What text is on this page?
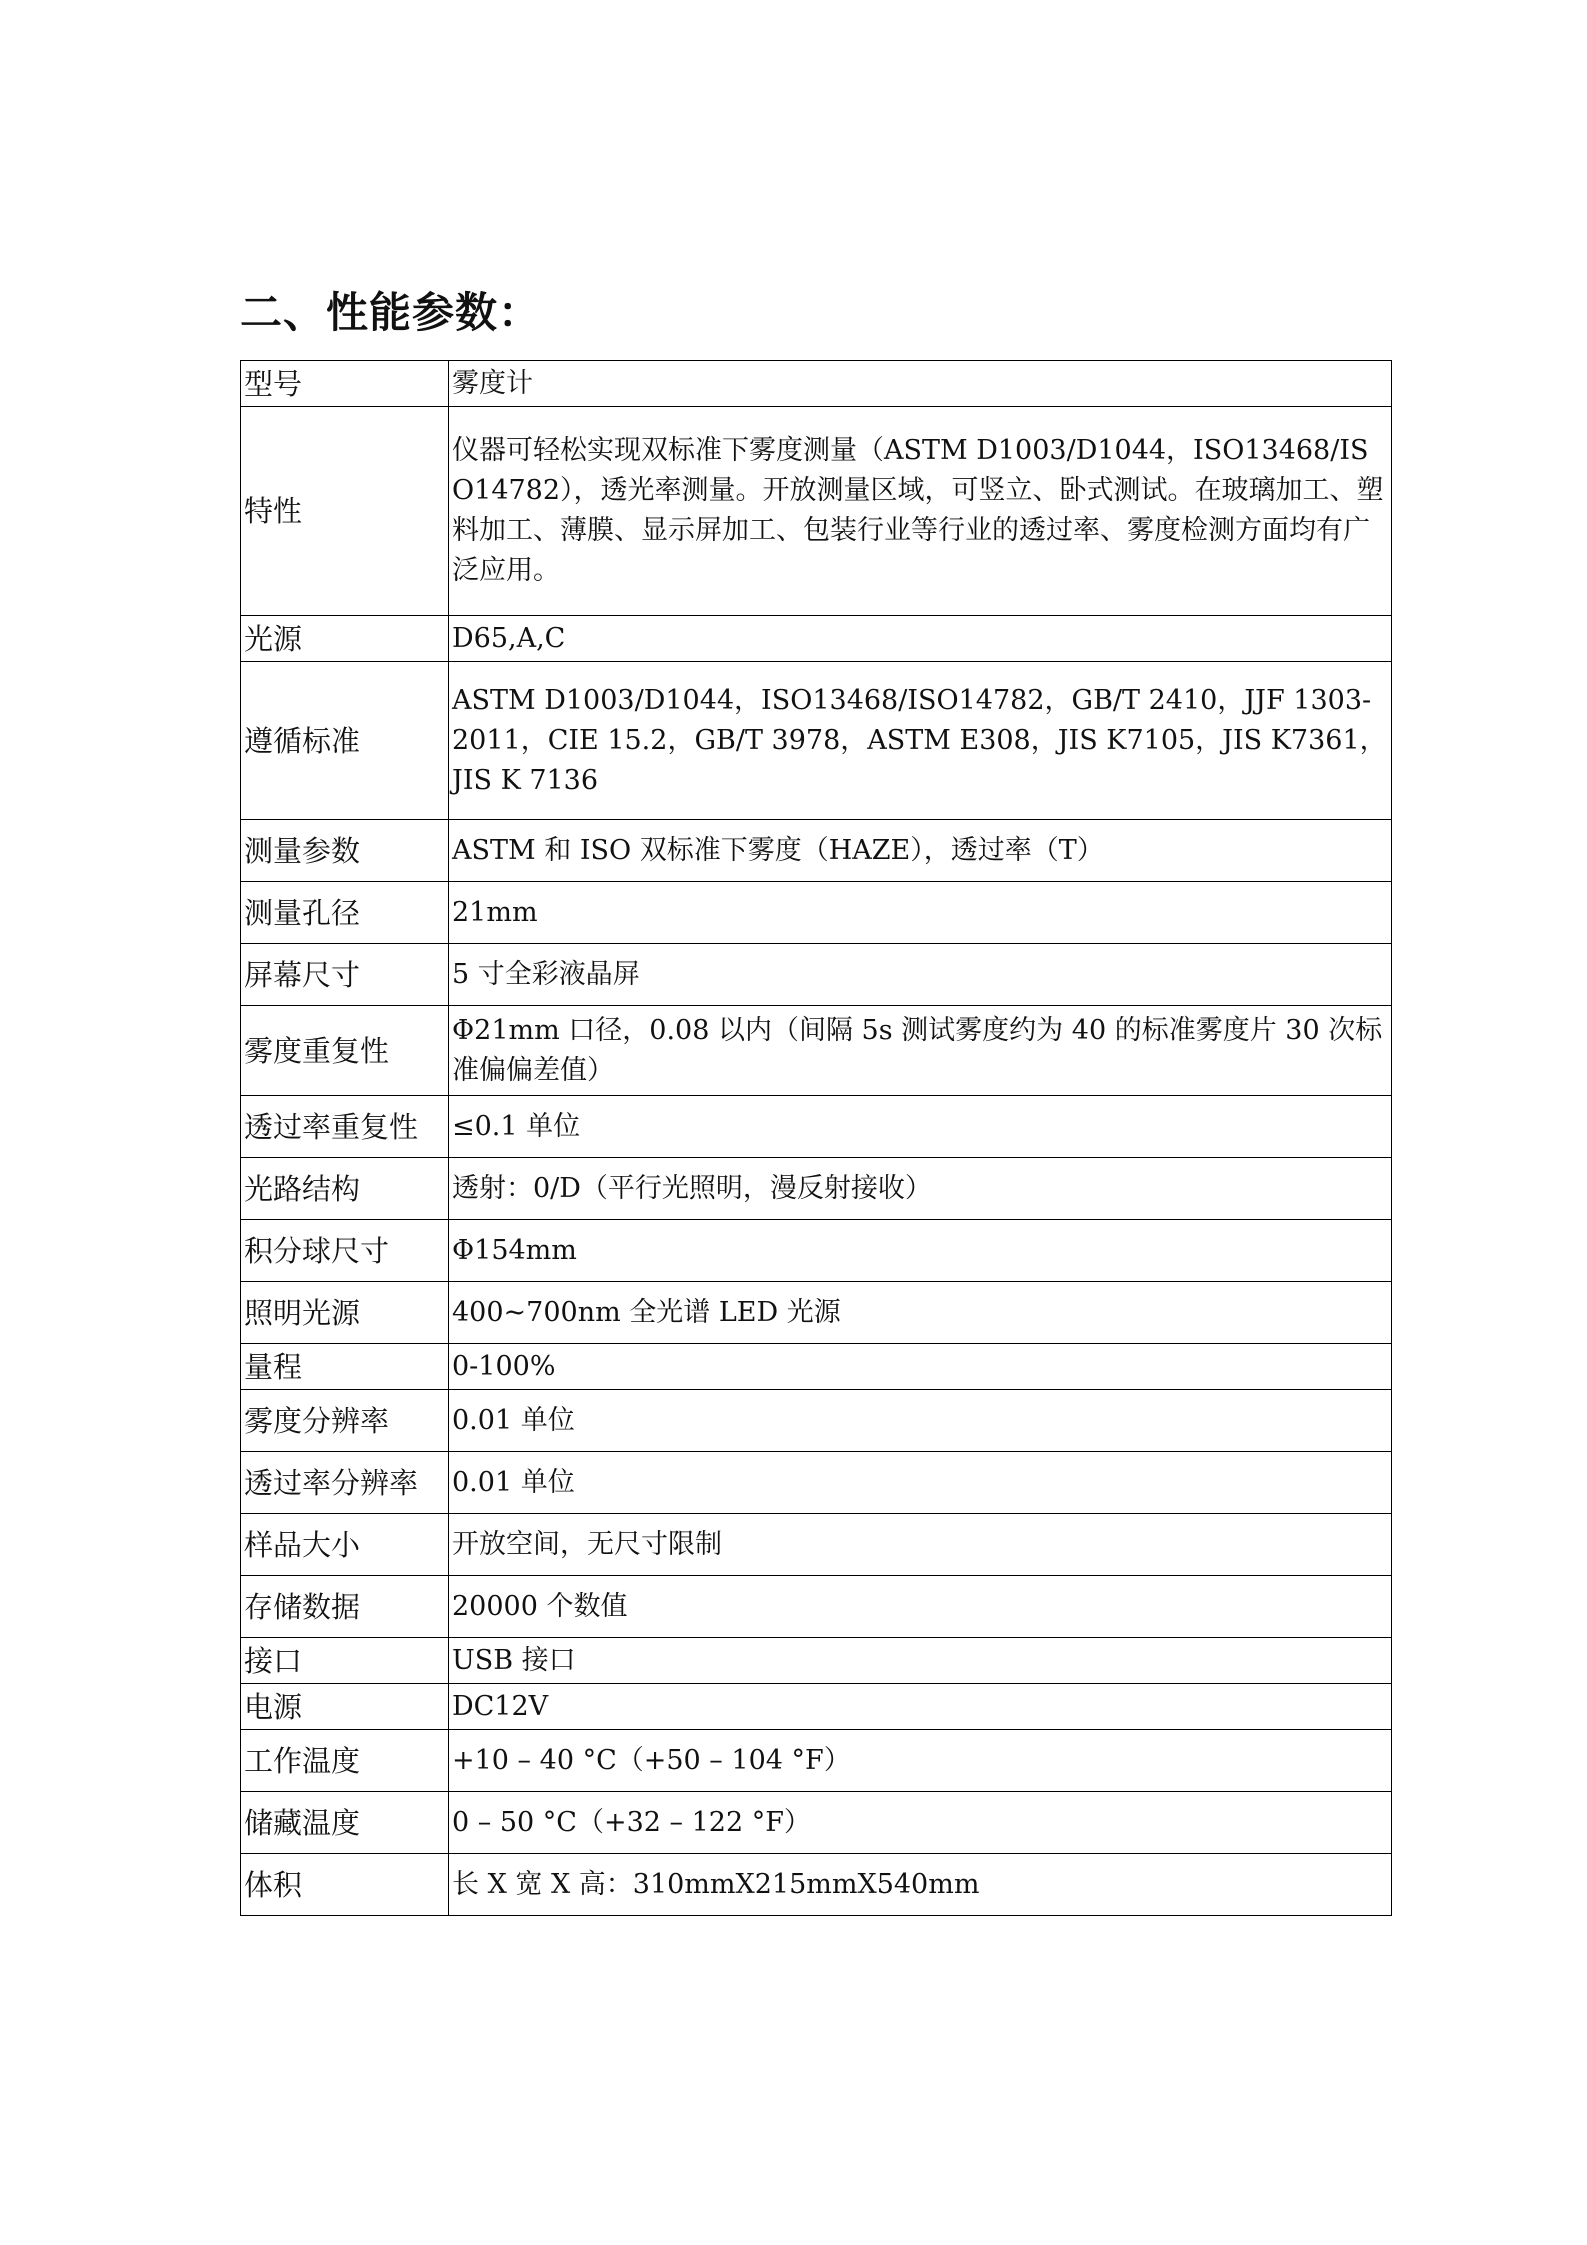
二、性能参数：
型号	雾度计
特性	仪器可轻松实现双标准下雾度测量（ASTM D1003/D1044，ISO13468/ISO14782），透光率测量。开放测量区域，可竖立、卧式测试。在玻璃加工、塑料加工、薄膜、显示屏加工、包装行业等行业的透过率、雾度检测方面均有广泛应用。
光源	D65,A,C
遵循标准	ASTM D1003/D1044，ISO13468/ISO14782，GB/T 2410，JJF 1303-2011，CIE 15.2，GB/T 3978，ASTM E308，JIS K7105，JIS K7361，JIS K 7136
测量参数	ASTM 和 ISO 双标准下雾度（HAZE），透过率（T）
测量孔径	21mm
屏幕尺寸	5 寸全彩液晶屏
雾度重复性	Φ21mm 口径，0.08 以内（间隔 5s 测试雾度约为 40 的标准雾度片 30 次标准偏偏差值）
透过率重复性	≤0.1 单位
光路结构	透射：0/D（平行光照明，漫反射接收）
积分球尺寸	Φ154mm
照明光源	400~700nm 全光谱 LED 光源
量程	0-100%
雾度分辨率	0.01 单位
透过率分辨率	0.01 单位
样品大小	开放空间，无尺寸限制
存储数据	20000 个数值
接口	USB 接口
电源	DC12V
工作温度	+10 – 40 °C（+50 – 104 °F）
储藏温度	0 – 50 °C（+32 – 122 °F）
体积	长 X 宽 X 高：310mmX215mmX540mm
